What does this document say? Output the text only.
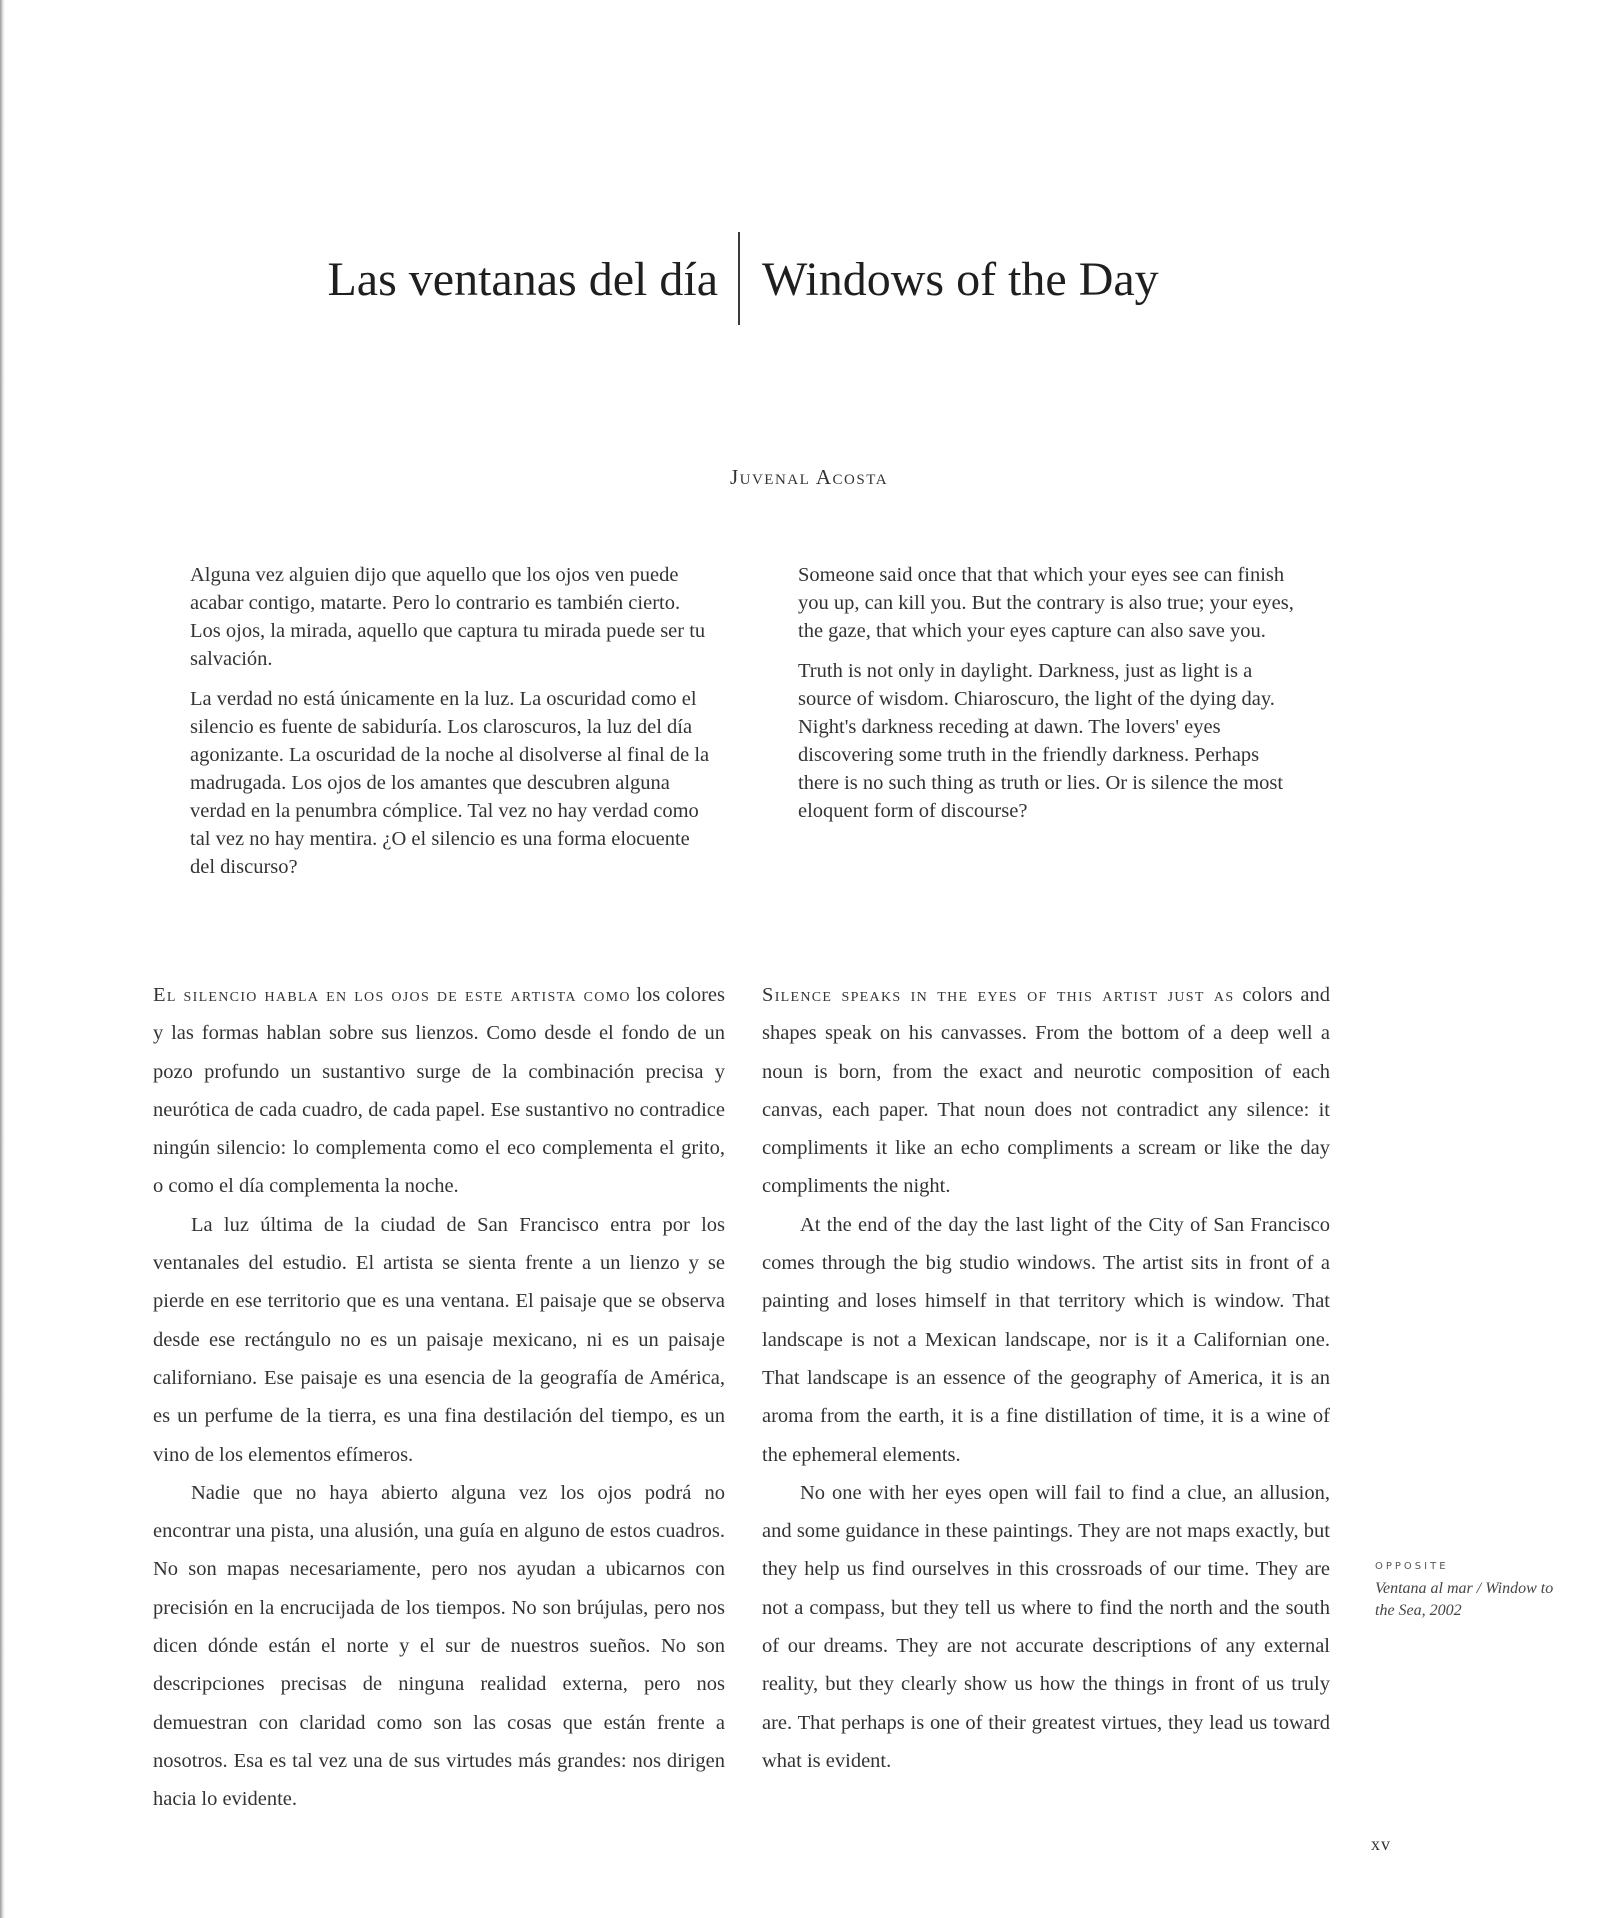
Las ventanas del día Windows of the Day
Juvenal Acosta

Alguna vez alguien dijo que aquello que los ojos ven puede acabar contigo, matarte. Pero lo contrario es también cierto. Los ojos, la mirada, aquello que captura tu mirada puede ser tu salvación.

La verdad no está únicamente en la luz. La oscuridad como el silencio es fuente de sabiduría. Los claroscuros, la luz del día agonizante. La oscuridad de la noche al disolverse al final de la madrugada. Los ojos de los amantes que descubren alguna verdad en la penumbra cómplice. Tal vez no hay verdad como tal vez no hay mentira. ¿O el silencio es una forma elocuente del discurso?

Someone said once that that which your eyes see can finish you up, can kill you. But the contrary is also true; your eyes, the gaze, that which your eyes capture can also save you.

Truth is not only in daylight. Darkness, just as light is a source of wisdom. Chiaroscuro, the light of the dying day. Night's darkness receding at dawn. The lovers' eyes discovering some truth in the friendly darkness. Perhaps there is no such thing as truth or lies. Or is silence the most eloquent form of discourse?

El silencio habla en los ojos de este artista como los colores y las formas hablan sobre sus lienzos. Como desde el fondo de un pozo profundo un sustantivo surge de la combinación precisa y neurótica de cada cuadro, de cada papel. Ese sustantivo no contradice ningún silencio: lo complementa como el eco complementa el grito, o como el día complementa la noche.

La luz última de la ciudad de San Francisco entra por los ventanales del estudio. El artista se sienta frente a un lienzo y se pierde en ese territorio que es una ventana. El paisaje que se observa desde ese rectángulo no es un paisaje mexicano, ni es un paisaje californiano. Ese paisaje es una esencia de la geografía de América, es un perfume de la tierra, es una fina destilación del tiempo, es un vino de los elementos efímeros.

Nadie que no haya abierto alguna vez los ojos podrá no encontrar una pista, una alusión, una guía en alguno de estos cuadros. No son mapas necesariamente, pero nos ayudan a ubicarnos con precisión en la encrucijada de los tiempos. No son brújulas, pero nos dicen dónde están el norte y el sur de nuestros sueños. No son descripciones precisas de ninguna realidad externa, pero nos demuestran con claridad como son las cosas que están frente a nosotros. Esa es tal vez una de sus virtudes más grandes: nos dirigen hacia lo evidente.

Silence speaks in the eyes of this artist just as colors and shapes speak on his canvasses. From the bottom of a deep well a noun is born, from the exact and neurotic composition of each canvas, each paper. That noun does not contradict any silence: it compliments it like an echo compliments a scream or like the day compliments the night.

At the end of the day the last light of the City of San Francisco comes through the big studio windows. The artist sits in front of a painting and loses himself in that territory which is window. That landscape is not a Mexican landscape, nor is it a Californian one. That landscape is an essence of the geography of America, it is an aroma from the earth, it is a fine distillation of time, it is a wine of the ephemeral elements.

No one with her eyes open will fail to find a clue, an allusion, and some guidance in these paintings. They are not maps exactly, but they help us find ourselves in this crossroads of our time. They are not a compass, but they tell us where to find the north and the south of our dreams. They are not accurate descriptions of any external reality, but they clearly show us how the things in front of us truly are. That perhaps is one of their greatest virtues, they lead us toward what is evident.

OPPOSITE
Ventana al mar / Window to the Sea, 2002
xv
